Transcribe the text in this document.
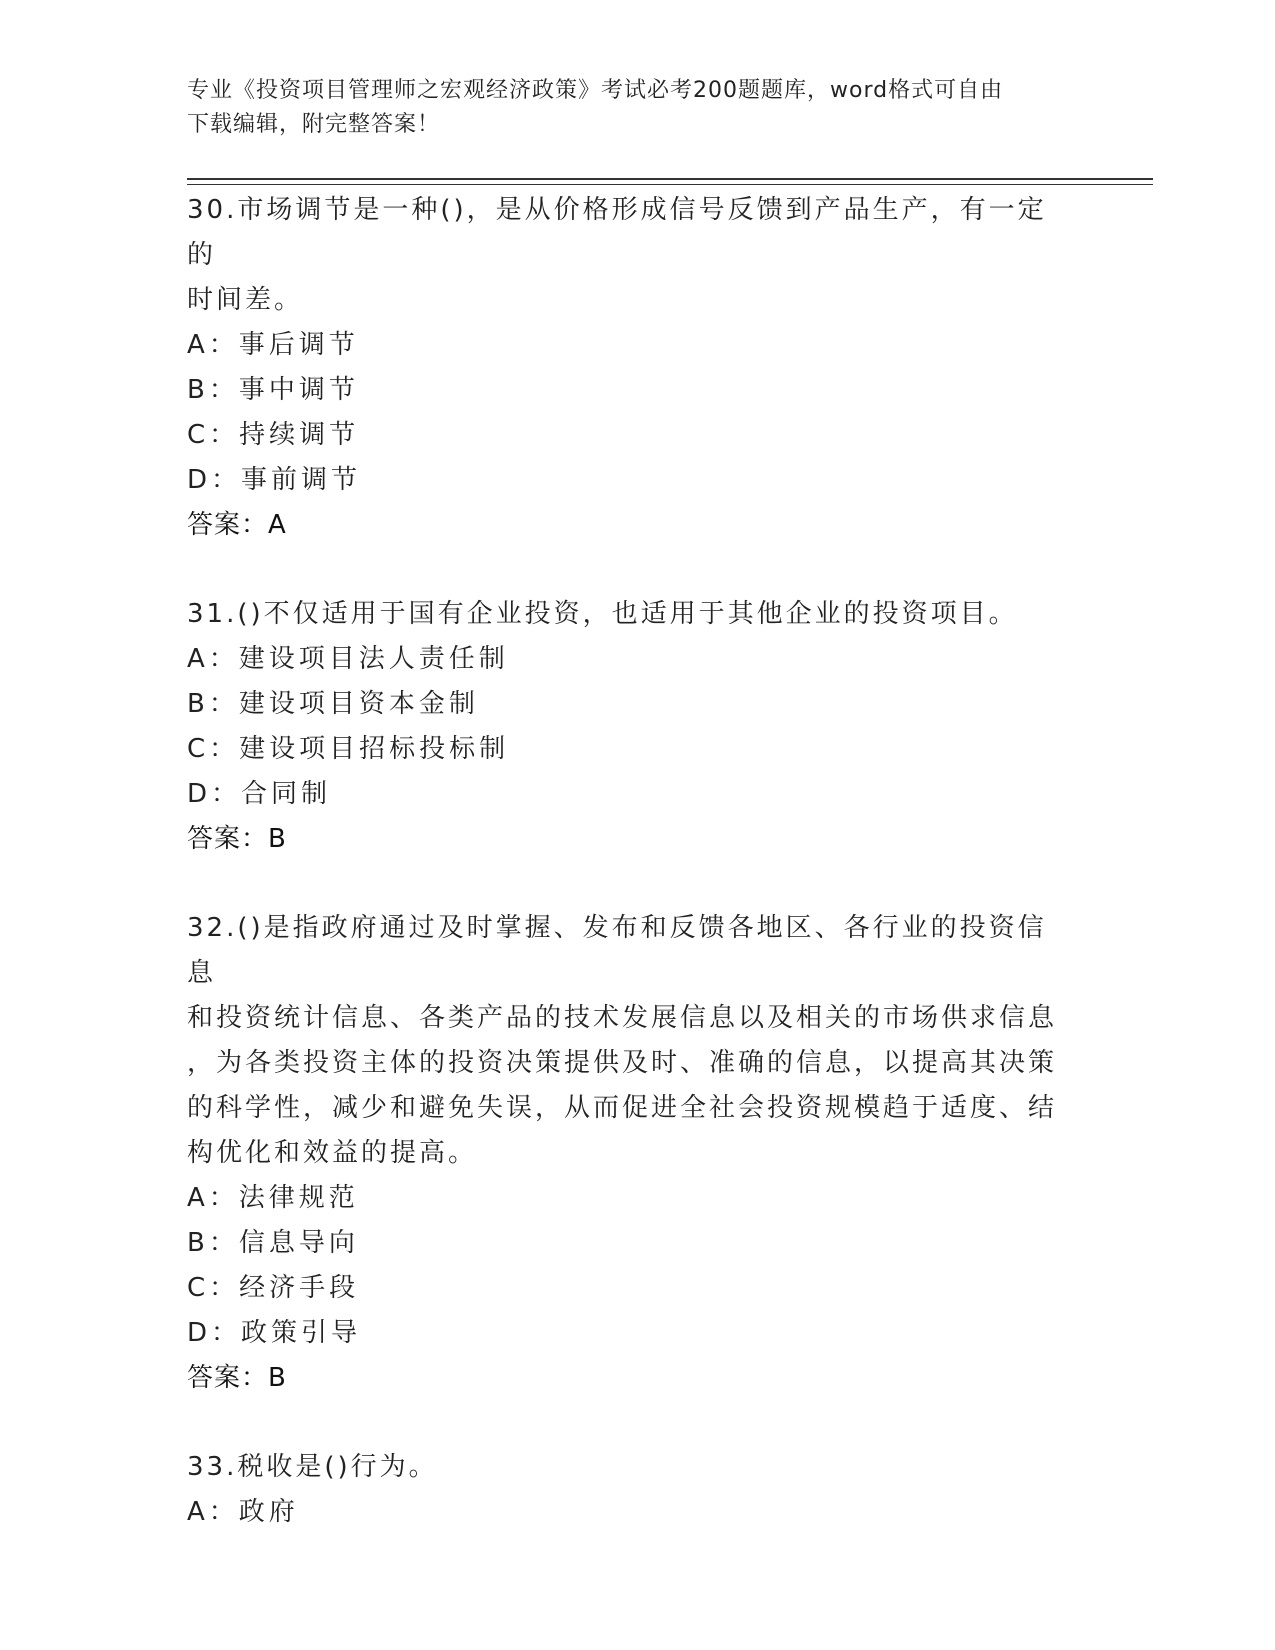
专业《投资项目管理师之宏观经济政策》考试必考200题题库，word格式可自由
下载编辑，附完整答案！

30.市场调节是一种()，是从价格形成信号反馈到产品生产，有一定的

时间差。

A：事后调节

B：事中调节

C：持续调节

D：事前调节

答案：A

31.()不仅适用于国有企业投资，也适用于其他企业的投资项目。

A：建设项目法人责任制

B：建设项目资本金制

C：建设项目招标投标制

D：合同制

答案：B

32.()是指政府通过及时掌握、发布和反馈各地区、各行业的投资信息

和投资统计信息、各类产品的技术发展信息以及相关的市场供求信息

，为各类投资主体的投资决策提供及时、准确的信息，以提高其决策

的科学性，减少和避免失误，从而促进全社会投资规模趋于适度、结

构优化和效益的提高。

A：法律规范

B：信息导向

C：经济手段

D：政策引导

答案：B

33.税收是()行为。

A：政府
